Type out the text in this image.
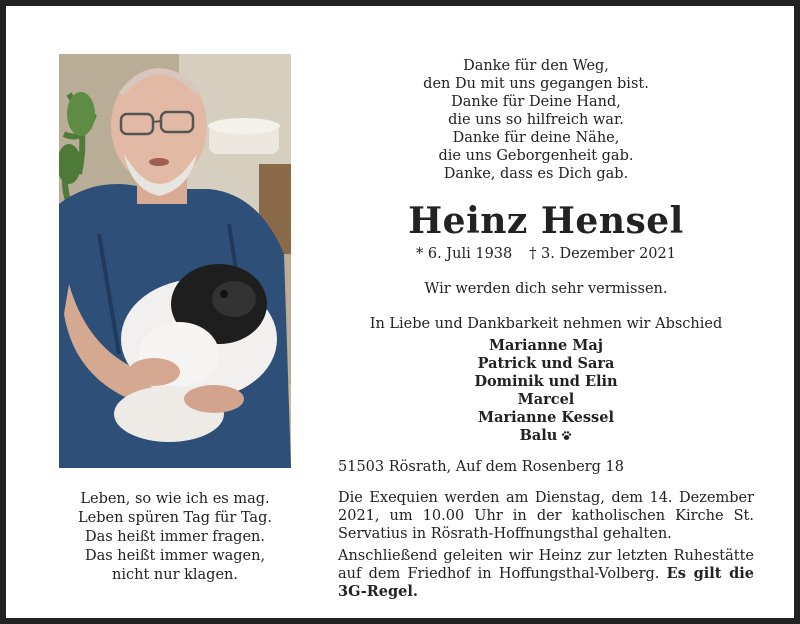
Leben, so wie ich es mag.
Leben spüren Tag für Tag.
Das heißt immer fragen.
Das heißt immer wagen,
nicht nur klagen.
Danke für den Weg,
den Du mit uns gegangen bist.
Danke für Deine Hand,
die uns so hilfreich war.
Danke für deine Nähe,
die uns Geborgenheit gab.
Danke, dass es Dich gab.
Heinz Hensel
* 6. Juli 1938 † 3. Dezember 2021
Wir werden dich sehr vermissen.
In Liebe und Dankbarkeit nehmen wir Abschied
Marianne Maj
Patrick und Sara
Dominik und Elin
Marcel
Marianne Kessel
Balu
51503 Rösrath, Auf dem Rosenberg 18
Die Exequien werden am Dienstag, dem 14. Dezember 2021, um 10.00 Uhr in der katholischen Kirche St. Servatius in Rösrath-Hoffnungsthal gehalten.
Anschließend geleiten wir Heinz zur letzten Ruhestätte auf dem Friedhof in Hoffungsthal-Volberg. Es gilt die 3G-Regel.
